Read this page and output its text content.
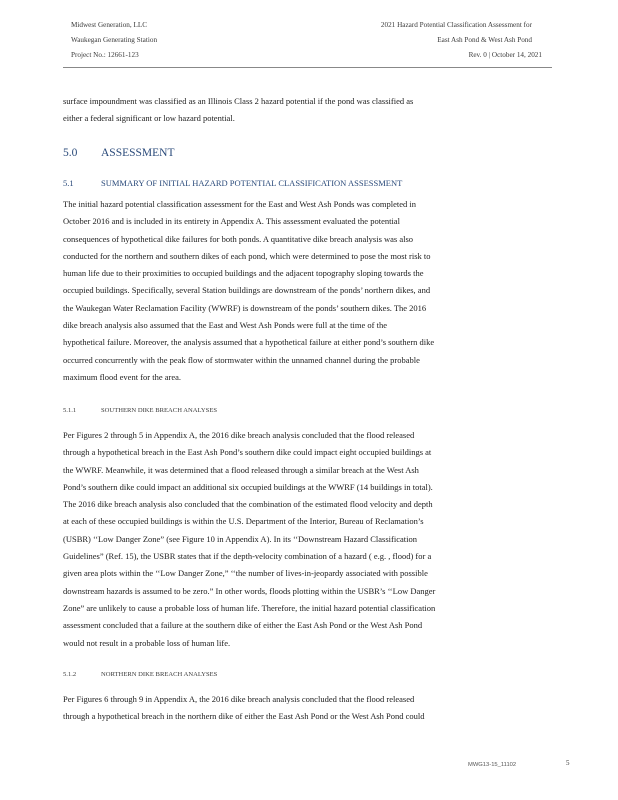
Midwest Generation, LLC
Waukegan Generating Station
Project No.: 12661-123
2021 Hazard Potential Classification Assessment for
East Ash Pond & West Ash Pond
Rev. 0 | October 14, 2021
surface impoundment was classified as an Illinois Class 2 hazard potential if the pond was classified as
either a federal significant or low hazard potential.
5.0 ASSESSMENT
5.1	SUMMARY OF INITIAL HAZARD POTENTIAL CLASSIFICATION ASSESSMENT
The initial hazard potential classification assessment for the East and West Ash Ponds was completed in
October 2016 and is included in its entirety in Appendix A. This assessment evaluated the potential
consequences of hypothetical dike failures for both ponds. A quantitative dike breach analysis was also
conducted for the northern and southern dikes of each pond, which were determined to pose the most risk to
human life due to their proximities to occupied buildings and the adjacent topography sloping towards the
occupied buildings. Specifically, several Station buildings are downstream of the ponds’ northern dikes, and
the Waukegan Water Reclamation Facility (WWRF) is downstream of the ponds’ southern dikes. The 2016
dike breach analysis also assumed that the East and West Ash Ponds were full at the time of the
hypothetical failure. Moreover, the analysis assumed that a hypothetical failure at either pond’s southern dike
occurred concurrently with the peak flow of stormwater within the unnamed channel during the probable
maximum flood event for the area.
5.1.1	SOUTHERN DIKE BREACH ANALYSES
Per Figures 2 through 5 in Appendix A, the 2016 dike breach analysis concluded that the flood released
through a hypothetical breach in the East Ash Pond’s southern dike could impact eight occupied buildings at
the WWRF. Meanwhile, it was determined that a flood released through a similar breach at the West Ash
Pond’s southern dike could impact an additional six occupied buildings at the WWRF (14 buildings in total).
The 2016 dike breach analysis also concluded that the combination of the estimated flood velocity and depth
at each of these occupied buildings is within the U.S. Department of the Interior, Bureau of Reclamation’s
(USBR) ‘‘Low Danger Zone” (see Figure 10 in Appendix A). In its ‘‘Downstream Hazard Classification
Guidelines” (Ref. 15), the USBR states that if the depth-velocity combination of a hazard ( e.g. , flood) for a
given area plots within the ‘‘Low Danger Zone,” ‘‘the number of lives-in-jeopardy associated with possible
downstream hazards is assumed to be zero.” In other words, floods plotting within the USBR’s ‘‘Low Danger
Zone” are unlikely to cause a probable loss of human life. Therefore, the initial hazard potential classification
assessment concluded that a failure at the southern dike of either the East Ash Pond or the West Ash Pond
would not result in a probable loss of human life.
5.1.2	NORTHERN DIKE BREACH ANALYSES
Per Figures 6 through 9 in Appendix A, the 2016 dike breach analysis concluded that the flood released
through a hypothetical breach in the northern dike of either the East Ash Pond or the West Ash Pond could
MWG13-15_11102	5
